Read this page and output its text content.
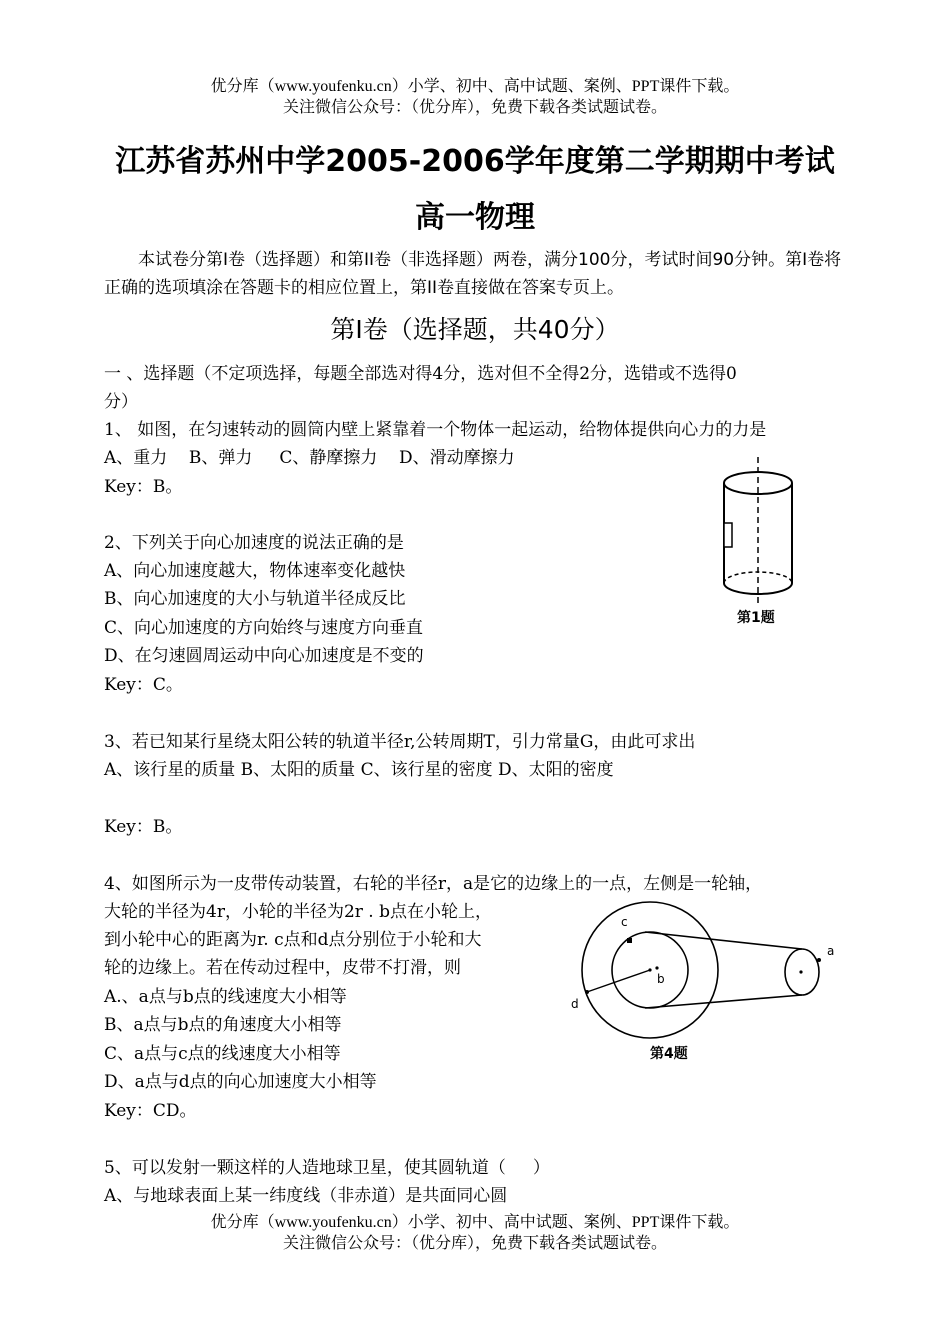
优分库（www.youfenku.cn）小学、初中、高中试题、案例、PPT课件下载。
关注微信公众号：（优分库），免费下载各类试题试卷。
江苏省苏州中学2005-2006学年度第二学期期中考试
高一物理
本试卷分第I卷（选择题）和第II卷（非选择题）两卷，满分100分，考试时间90分钟。第I卷将正确的选项填涂在答题卡的相应位置上，第II卷直接做在答案专页上。
第I卷（选择题，共40分）
一 、选择题（不定项选择，每题全部选对得4分，选对但不全得2分，选错或不选得0
分）
1、 如图，在匀速转动的圆筒内壁上紧靠着一个物体一起运动，给物体提供向心力的力是
A、重力    B、弹力     C、静摩擦力    D、滑动摩擦力
Key：B。
第1题
2、下列关于向心加速度的说法正确的是
A、向心加速度越大，物体速率变化越快
B、向心加速度的大小与轨道半径成反比
C、向心加速度的方向始终与速度方向垂直
D、在匀速圆周运动中向心加速度是不变的
Key：C。
3、若已知某行星绕太阳公转的轨道半径r,公转周期T，引力常量G，由此可求出
A、该行星的质量 B、太阳的质量 C、该行星的密度 D、太阳的密度
Key：B。
4、如图所示为一皮带传动装置，右轮的半径r，a是它的边缘上的一点，左侧是一轮轴，
大轮的半径为4r，小轮的半径为2r . b点在小轮上，
到小轮中心的距离为r. c点和d点分别位于小轮和大
轮的边缘上。若在传动过程中，皮带不打滑，则
A.、a点与b点的线速度大小相等
B、a点与b点的角速度大小相等
C、a点与c点的线速度大小相等
D、a点与d点的向心加速度大小相等
Key：CD。
c
b
a
d
第4题
5、可以发射一颗这样的人造地球卫星，使其圆轨道（     ）
A、与地球表面上某一纬度线（非赤道）是共面同心圆
优分库（www.youfenku.cn）小学、初中、高中试题、案例、PPT课件下载。
关注微信公众号：（优分库），免费下载各类试题试卷。
